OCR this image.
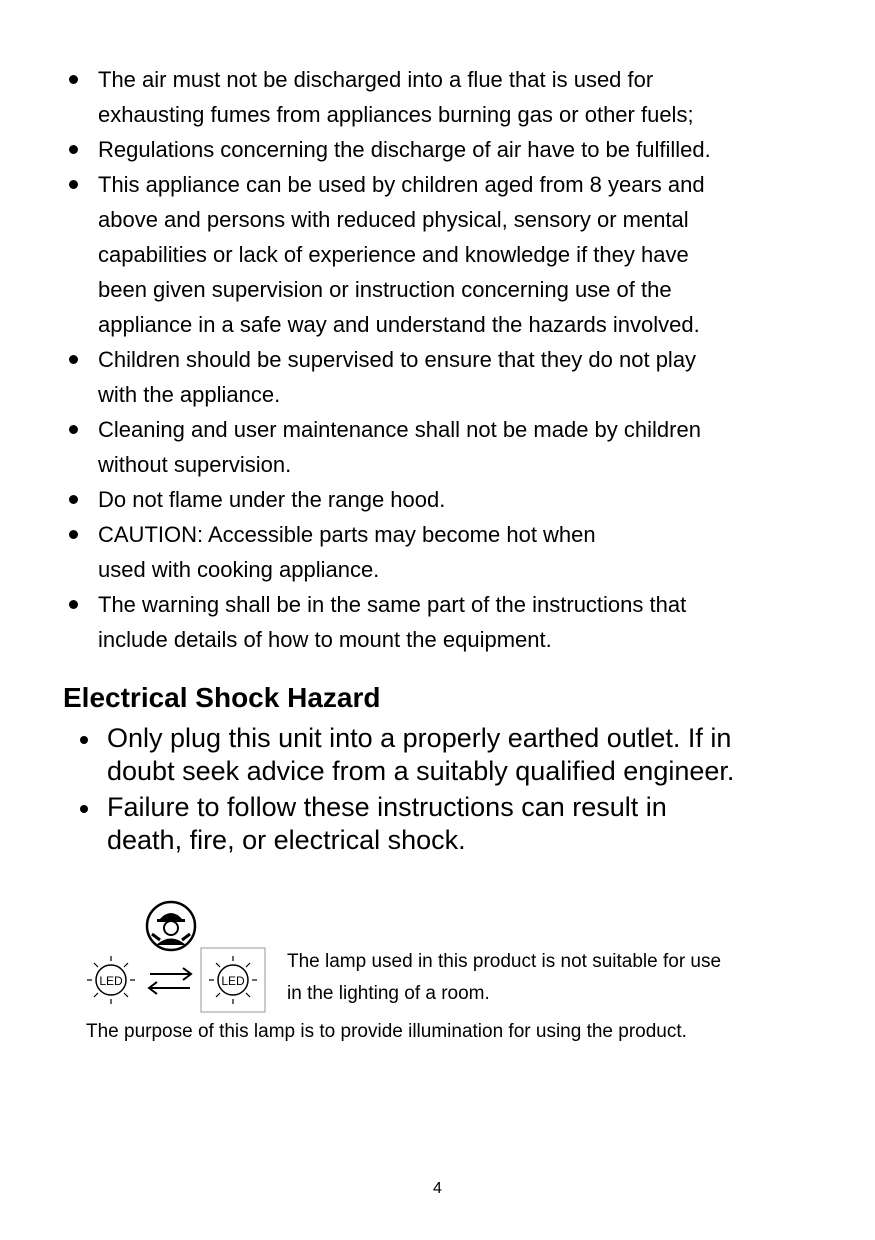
The air must not be discharged into a flue that is used for
exhausting fumes from appliances burning gas or other fuels;
Regulations concerning the discharge of air have to be fulfilled.
This appliance can be used by children aged from 8 years and
above and persons with reduced physical, sensory or mental
capabilities or lack of experience and knowledge if they have
been given supervision or instruction concerning use of the
appliance in a safe way and understand the hazards involved.
Children should be supervised to ensure that they do not play
with the appliance.
Cleaning and user maintenance shall not be made by children
without supervision.
Do not flame under the range hood.
CAUTION: Accessible parts may become hot when
used with cooking appliance.
The warning shall be in the same part of the instructions that
include details of how to mount the equipment.
Electrical Shock Hazard
Only plug this unit into a properly earthed outlet. If in
doubt seek advice from a suitably qualified engineer.
Failure to follow these instructions can result in
death, fire, or electrical shock.
LED	LED
The lamp used in this product is not suitable for use
in the lighting of a room.
The purpose of this lamp is to provide illumination for using the product.
4
